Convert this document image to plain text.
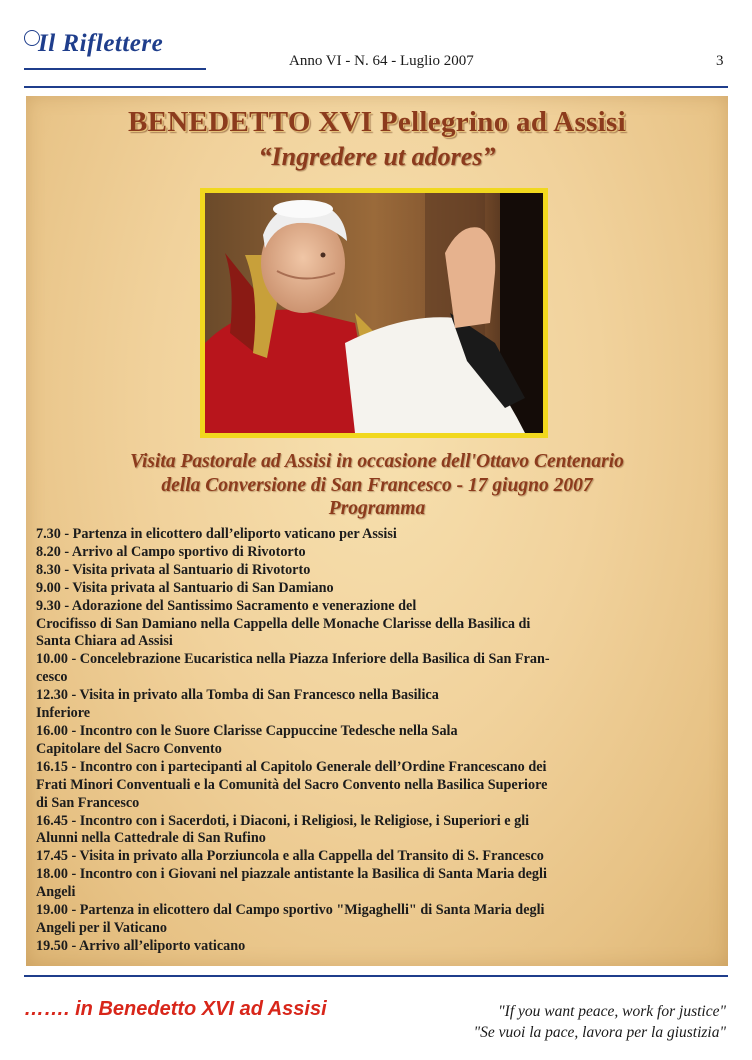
Il Riflettere
Anno VI - N. 64 - Luglio 2007	3
BENEDETTO XVI Pellegrino ad Assisi
“Ingredere ut adores”
Visita Pastorale ad Assisi in occasione dell'Ottavo Centenario
della Conversione di San Francesco - 17 giugno 2007
Programma
7.30 - Partenza in elicottero dall’eliporto vaticano per Assisi
8.20 - Arrivo al Campo sportivo di Rivotorto
8.30 - Visita privata al Santuario di Rivotorto
9.00 - Visita privata al Santuario di San Damiano
9.30 - Adorazione del Santissimo Sacramento e venerazione del
Crocifisso di San Damiano nella Cappella delle Monache Clarisse della Basilica di
Santa Chiara ad Assisi
10.00 - Concelebrazione Eucaristica nella Piazza Inferiore della Basilica di San Fran-
cesco
12.30 - Visita in privato alla Tomba di San Francesco nella Basilica
Inferiore
16.00 - Incontro con le Suore Clarisse Cappuccine Tedesche nella Sala
Capitolare del Sacro Convento
16.15 - Incontro con i partecipanti al Capitolo Generale dell’Ordine Francescano dei
Frati Minori Conventuali e la Comunità del Sacro Convento nella Basilica Superiore
di San Francesco
16.45 - Incontro con i Sacerdoti, i Diaconi, i Religiosi, le Religiose, i Superiori e gli
Alunni nella Cattedrale di San Rufino
17.45 - Visita in privato alla Porziuncola e alla Cappella del Transito di S. Francesco
18.00 - Incontro con i Giovani nel piazzale antistante la Basilica di Santa Maria degli
Angeli
19.00 - Partenza in elicottero dal Campo sportivo "Migaghelli" di Santa Maria degli
Angeli per il Vaticano
19.50 - Arrivo all’eliporto vaticano
……. in Benedetto XVI ad Assisi	"If you want peace, work for justice"
"Se vuoi la pace, lavora per la giustizia"
